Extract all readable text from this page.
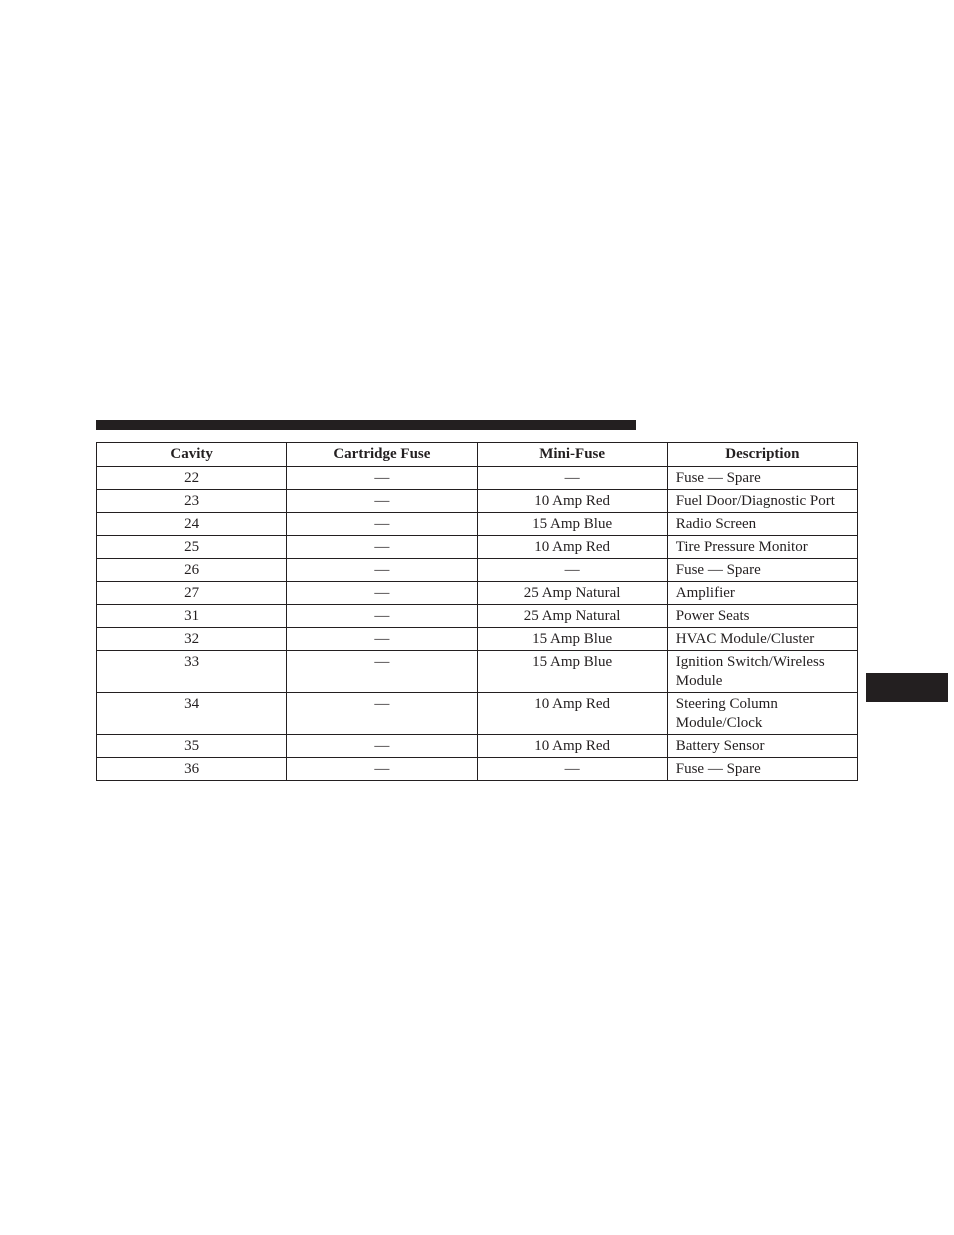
Cavity	Cartridge Fuse	Mini-Fuse	Description
22	—	—	Fuse — Spare
23	—	10 Amp Red	Fuel Door/Diagnostic Port
24	—	15 Amp Blue	Radio Screen
25	—	10 Amp Red	Tire Pressure Monitor
26	—	—	Fuse — Spare
27	—	25 Amp Natural	Amplifier
31	—	25 Amp Natural	Power Seats
32	—	15 Amp Blue	HVAC Module/Cluster
33	—	15 Amp Blue	Ignition Switch/Wireless Module
34	—	10 Amp Red	Steering Column Module/Clock
35	—	10 Amp Red	Battery Sensor
36	—	—	Fuse — Spare
